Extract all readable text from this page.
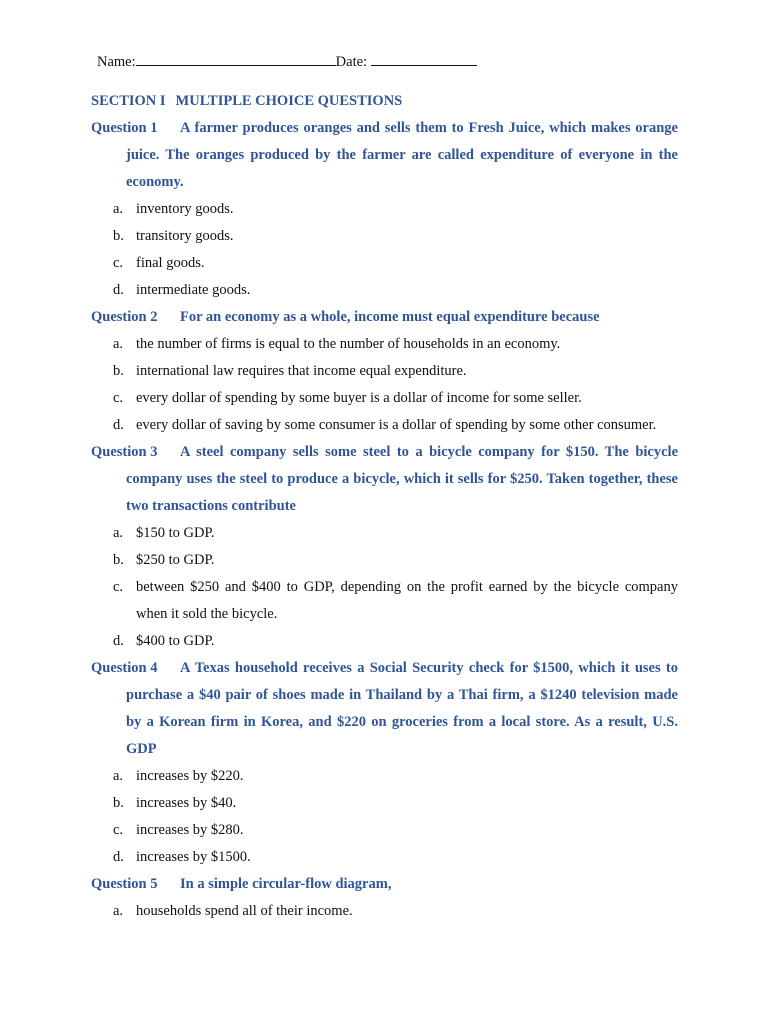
Name:	Date:
SECTION I MULTIPLE CHOICE QUESTIONS
Question 1 A farmer produces oranges and sells them to Fresh Juice, which makes orange juice. The oranges produced by the farmer are called expenditure of everyone in the economy.
a. inventory goods.
b. transitory goods.
c. final goods.
d. intermediate goods.
Question 2 For an economy as a whole, income must equal expenditure because
a. the number of firms is equal to the number of households in an economy.
b. international law requires that income equal expenditure.
c. every dollar of spending by some buyer is a dollar of income for some seller.
d. every dollar of saving by some consumer is a dollar of spending by some other consumer.
Question 3 A steel company sells some steel to a bicycle company for $150. The bicycle company uses the steel to produce a bicycle, which it sells for $250. Taken together, these two transactions contribute
a. $150 to GDP.
b. $250 to GDP.
c. between $250 and $400 to GDP, depending on the profit earned by the bicycle company when it sold the bicycle.
d. $400 to GDP.
Question 4 A Texas household receives a Social Security check for $1500, which it uses to purchase a $40 pair of shoes made in Thailand by a Thai firm, a $1240 television made by a Korean firm in Korea, and $220 on groceries from a local store. As a result, U.S. GDP
a. increases by $220.
b. increases by $40.
c. increases by $280.
d. increases by $1500.
Question 5 In a simple circular-flow diagram,
a. households spend all of their income.
